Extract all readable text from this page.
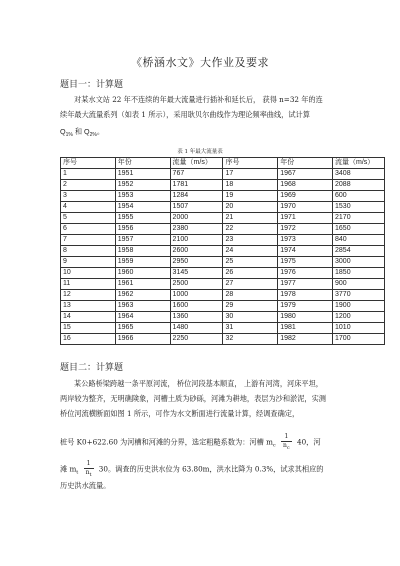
《桥涵水文》大作业及要求
题目一：计算题
对某水文站 22 年不连续的年最大流量进行插补和延长后， 获得 n=32 年的连
续年最大流量系列（如表 1 所示），采用耿贝尔曲线作为理论频率曲线，试计算
$Q_{1\%}$ 和 $Q_{2\%}$。
表 1 年最大流量表
序号	年份	流量（m/s）	序号	年份	流量（m/s）
1	1951	767	17	1967	3408
2	1952	1781	18	1968	2088
3	1953	1284	19	1969	600
4	1954	1507	20	1970	1530
5	1955	2000	21	1971	2170
6	1956	2380	22	1972	1650
7	1957	2100	23	1973	840
8	1958	2600	24	1974	2854
9	1959	2950	25	1975	3000
10	1960	3145	26	1976	1850
11	1961	2500	27	1977	900
12	1962	1000	28	1978	3770
13	1963	1600	29	1979	1900
14	1964	1360	30	1980	1200
15	1965	1480	31	1981	1010
16	1966	2250	32	1982	1700
题目二：计算题
某公路桥梁跨越一条平原河流， 桥位河段基本顺直， 上游有河湾，河床平坦，
两岸较为整齐，无明礁険象，河槽土质为砂砾，河滩为耕地，表层为沙和淤泥，实测
桥位河流横断面如图 1 所示，可作为水文断面进行流量计算，经调查确定，
桩号 K0+622.60 为河槽和河滩的分界，选定粗糙系数为：河槽 $m_c \frac{1}{n_c} 40$，河
滩 $m_t \frac{1}{n_t} 30$。调查的历史洪水位为 63.80m，洪水比降为 0.3%，试求其相应的
历史洪水流量。
